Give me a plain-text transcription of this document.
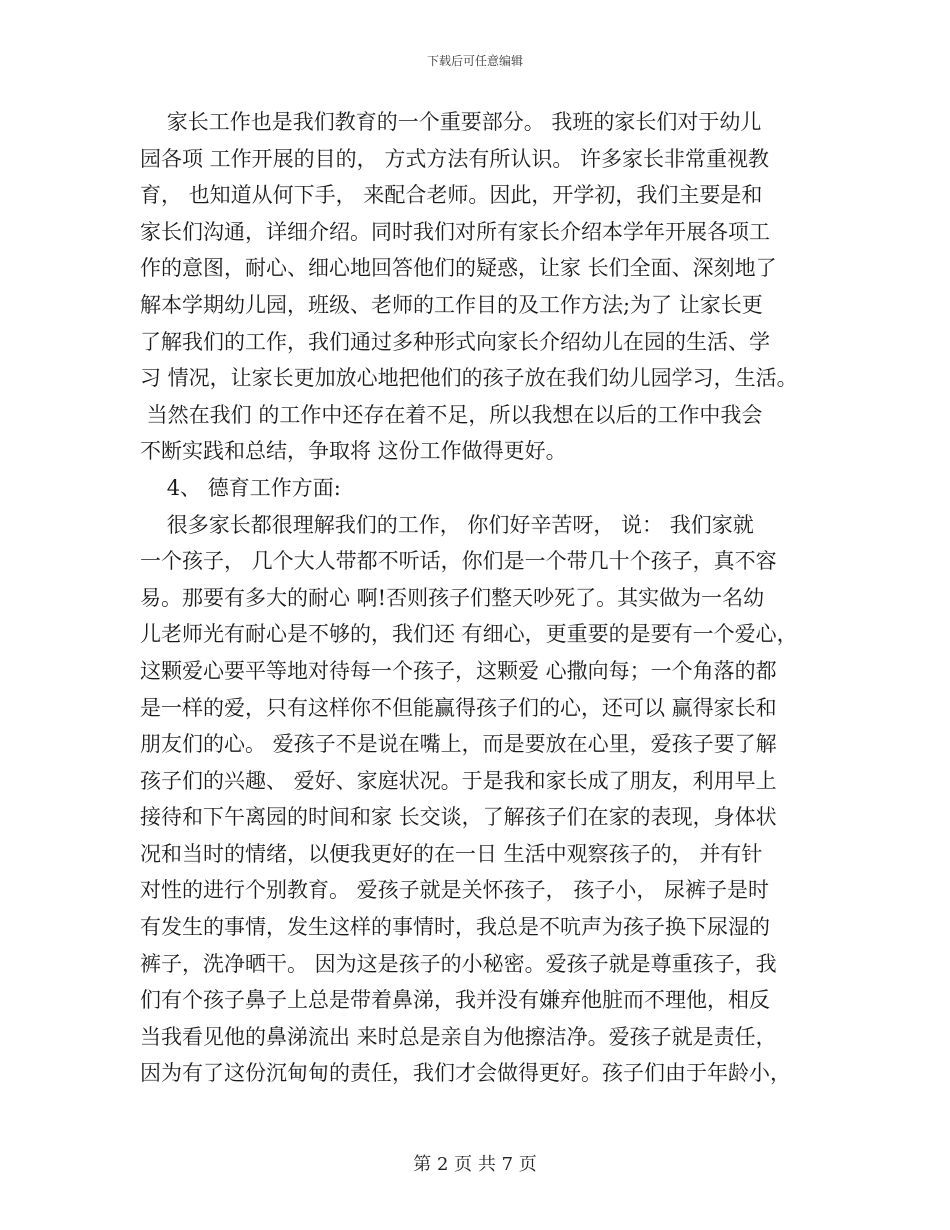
下载后可任意编辑
家长工作也是我们教育的一个重要部分。 我班的家长们对于幼儿
园各项 工作开展的目的， 方式方法有所认识。 许多家长非常重视教
育， 也知道从何下手， 来配合老师。因此，开学初，我们主要是和
家长们沟通，详细介绍。同时我们对所有家长介绍本学年开展各项工
作的意图，耐心、细心地回答他们的疑惑，让家 长们全面、深刻地了
解本学期幼儿园，班级、老师的工作目的及工作方法;为了 让家长更
了解我们的工作，我们通过多种形式向家长介绍幼儿在园的生活、学
习 情况，让家长更加放心地把他们的孩子放在我们幼儿园学习，生活。
当然在我们 的工作中还存在着不足，所以我想在以后的工作中我会
不断实践和总结，争取将 这份工作做得更好。
4、 德育工作方面:
很多家长都很理解我们的工作， 你们好辛苦呀， 说： 我们家就
一个孩子， 几个大人带都不听话，你们是一个带几十个孩子，真不容
易。那要有多大的耐心 啊!否则孩子们整天吵死了。其实做为一名幼
儿老师光有耐心是不够的，我们还 有细心，更重要的是要有一个爱心，
这颗爱心要平等地对待每一个孩子，这颗爱 心撒向每；一个角落的都
是一样的爱，只有这样你不但能赢得孩子们的心，还可以 赢得家长和
朋友们的心。 爱孩子不是说在嘴上，而是要放在心里，爱孩子要了解
孩子们的兴趣、 爱好、家庭状况。于是我和家长成了朋友，利用早上
接待和下午离园的时间和家 长交谈，了解孩子们在家的表现，身体状
况和当时的情绪，以便我更好的在一日 生活中观察孩子的， 并有针
对性的进行个别教育。 爱孩子就是关怀孩子， 孩子小， 尿裤子是时
有发生的事情，发生这样的事情时，我总是不吭声为孩子换下尿湿的
裤子，洗净晒干。 因为这是孩子的小秘密。爱孩子就是尊重孩子，我
们有个孩子鼻子上总是带着鼻涕，我并没有嫌弃他脏而不理他，相反
当我看见他的鼻涕流出 来时总是亲自为他擦洁净。爱孩子就是责任，
因为有了这份沉甸甸的责任，我们才会做得更好。孩子们由于年龄小，
第 2 页 共 7 页
